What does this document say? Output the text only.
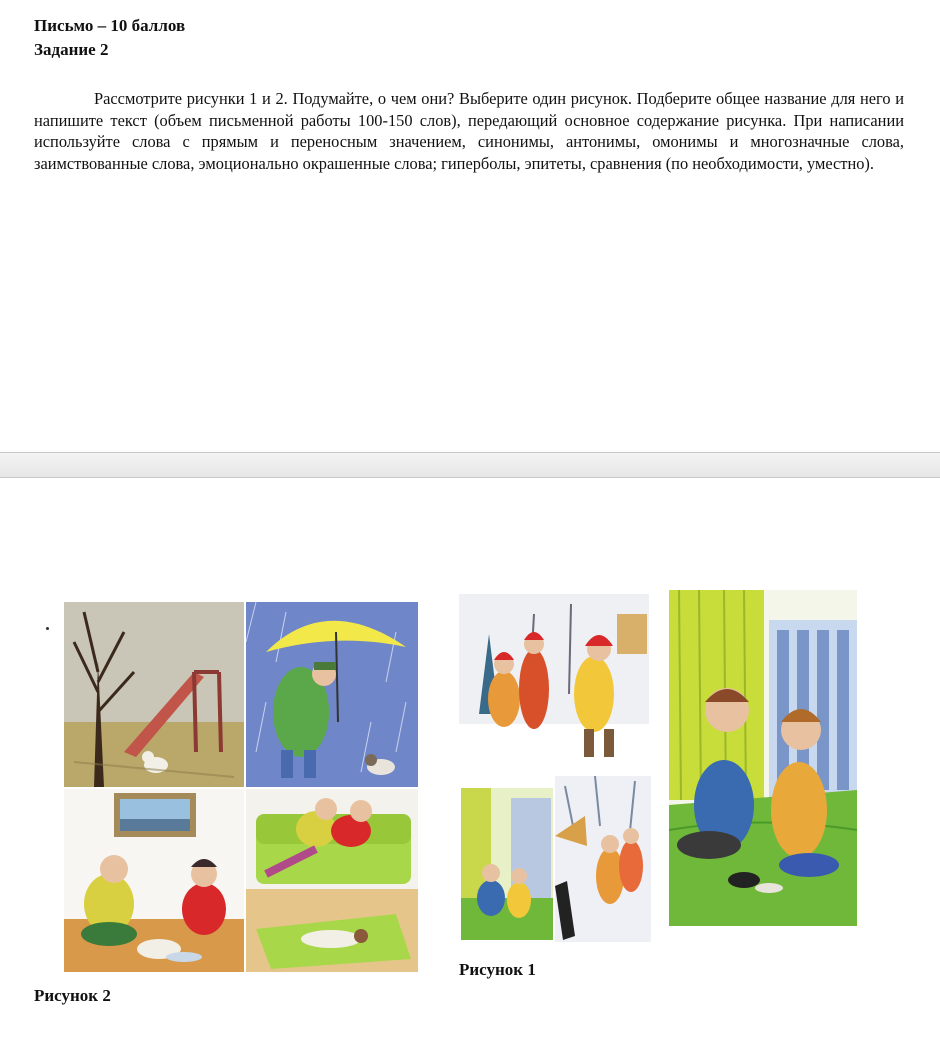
Письмо – 10 баллов
Задание 2
Рассмотрите рисунки 1 и 2. Подумайте, о чем они? Выберите один рисунок. Подберите общее название для него и напишите текст (объем письменной работы 100-150 слов), передающий основное содержание рисунка. При написании используйте слова с прямым и переносным значением, синонимы, антонимы, омонимы и многозначные слова, заимствованные слова, эмоционально окрашенные слова; гиперболы, эпитеты, сравнения (по необходимости, уместно).
Рисунок 1
Рисунок 2
